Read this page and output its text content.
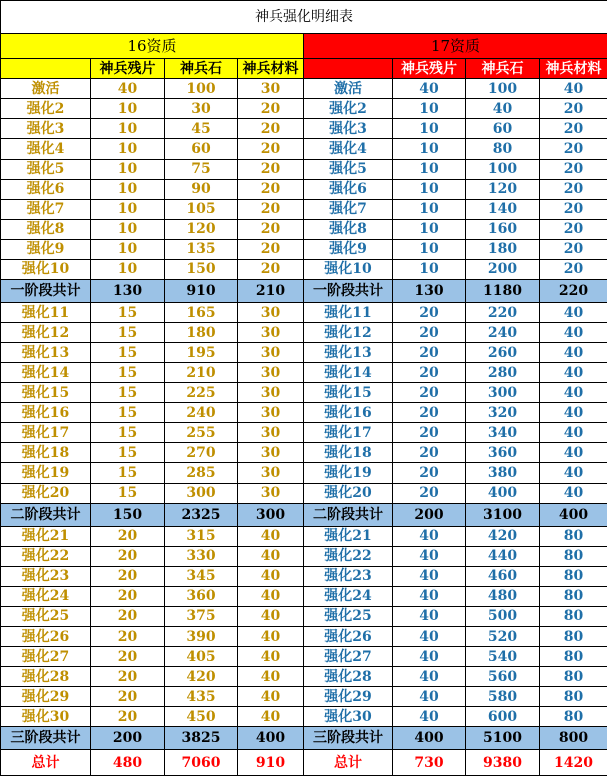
神兵强化明细表							
16资质				17资质			
	神兵残片	神兵石	神兵材料		神兵残片	神兵石	神兵材料
激活	40	100	30	激活	40	100	40
强化2	10	30	20	强化2	10	40	20
强化3	10	45	20	强化3	10	60	20
强化4	10	60	20	强化4	10	80	20
强化5	10	75	20	强化5	10	100	20
强化6	10	90	20	强化6	10	120	20
强化7	10	105	20	强化7	10	140	20
强化8	10	120	20	强化8	10	160	20
强化9	10	135	20	强化9	10	180	20
强化10	10	150	20	强化10	10	200	20
一阶段共计	130	910	210	一阶段共计	130	1180	220
强化11	15	165	30	强化11	20	220	40
强化12	15	180	30	强化12	20	240	40
强化13	15	195	30	强化13	20	260	40
强化14	15	210	30	强化14	20	280	40
强化15	15	225	30	强化15	20	300	40
强化16	15	240	30	强化16	20	320	40
强化17	15	255	30	强化17	20	340	40
强化18	15	270	30	强化18	20	360	40
强化19	15	285	30	强化19	20	380	40
强化20	15	300	30	强化20	20	400	40
二阶段共计	150	2325	300	二阶段共计	200	3100	400
强化21	20	315	40	强化21	40	420	80
强化22	20	330	40	强化22	40	440	80
强化23	20	345	40	强化23	40	460	80
强化24	20	360	40	强化24	40	480	80
强化25	20	375	40	强化25	40	500	80
强化26	20	390	40	强化26	40	520	80
强化27	20	405	40	强化27	40	540	80
强化28	20	420	40	强化28	40	560	80
强化29	20	435	40	强化29	40	580	80
强化30	20	450	40	强化30	40	600	80
三阶段共计	200	3825	400	三阶段共计	400	5100	800
总计	480	7060	910	总计	730	9380	1420
